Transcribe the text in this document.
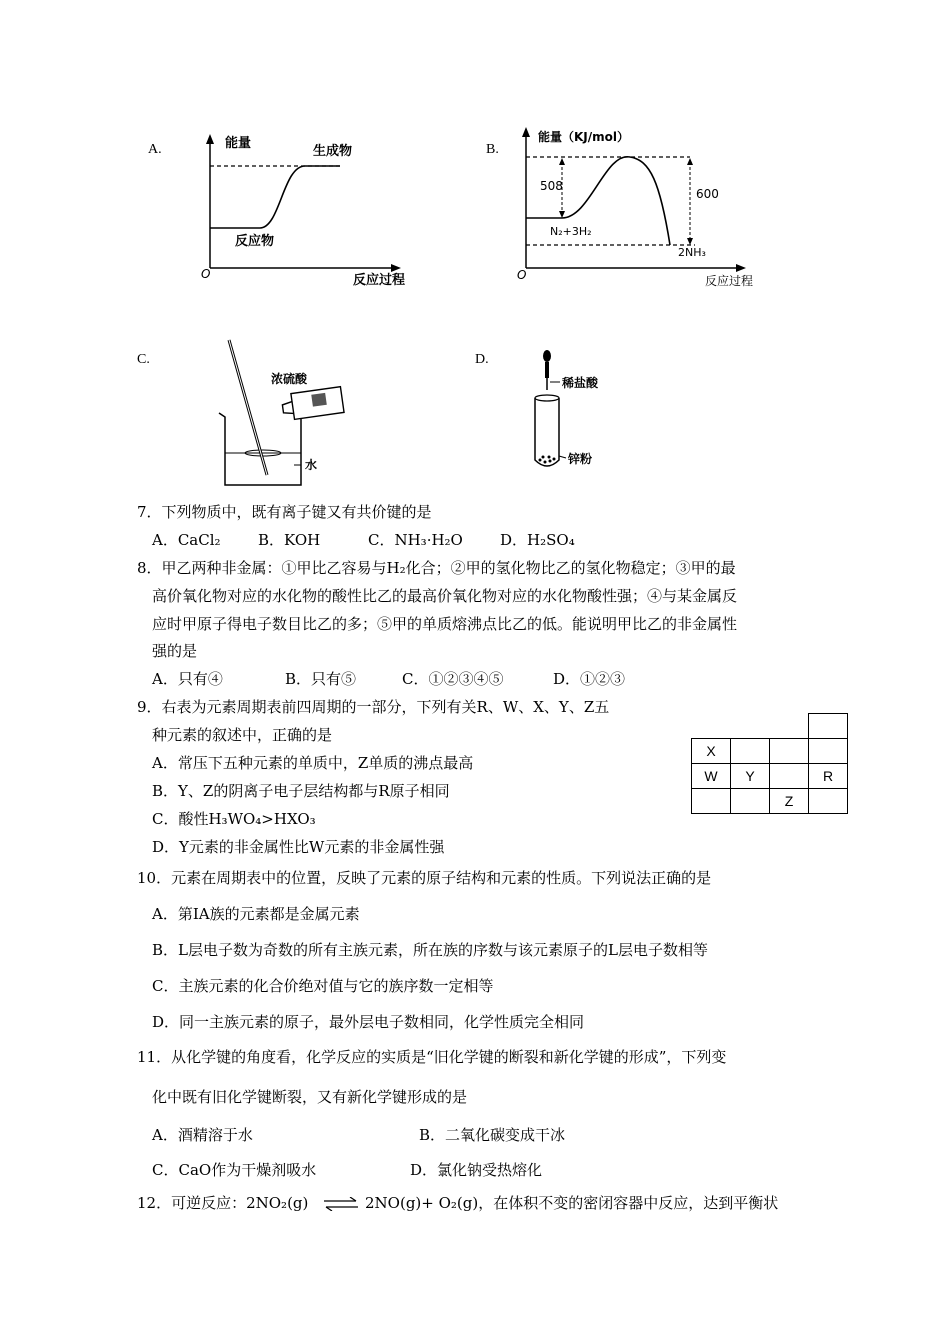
A.	能量
生成物
反应物
O	反应过程
B.
能量（KJ/mol）
508
600
N₂+3H₂
2NH₃
O	反应过程
C.
浓硫酸
水
D.
稀盐酸
锌粉
7．下列物质中，既有离子键又有共价键的是
A．CaCl₂ B．KOH	C．NH₃·H₂O D．H₂SO₄
8．甲乙两种非金属：①甲比乙容易与H₂化合；②甲的氢化物比乙的氢化物稳定；③甲的最
高价氧化物对应的水化物的酸性比乙的最高价氧化物对应的水化物酸性强；④与某金属反
应时甲原子得电子数目比乙的多；⑤甲的单质熔沸点比乙的低。能说明甲比乙的非金属性
强的是
A．只有④	B．只有⑤	C．①②③④⑤	D．①②③
9．右表为元素周期表前四周期的一部分，下列有关R、W、X、Y、Z五
种元素的叙述中，正确的是
A．常压下五种元素的单质中，Z单质的沸点最高
B．Y、Z的阴离子电子层结构都与R原子相同
C．酸性H₃WO₄>HXO₃
D．Y元素的非金属性比W元素的非金属性强

X			
W	Y		R
		Z	
10．元素在周期表中的位置，反映了元素的原子结构和元素的性质。下列说法正确的是
A．第ⅠA族的元素都是金属元素
B．L层电子数为奇数的所有主族元素，所在族的序数与该元素原子的L层电子数相等
C．主族元素的化合价绝对值与它的族序数一定相等
D．同一主族元素的原子，最外层电子数相同，化学性质完全相同
11．从化学键的角度看，化学反应的实质是“旧化学键的断裂和新化学键的形成”，下列变
化中既有旧化学键断裂，又有新化学键形成的是
A．酒精溶于水	B．二氧化碳变成干冰
C．CaO作为干燥剂吸水	D．氯化钠受热熔化
12．可逆反应：2NO₂(g) ⇌ 2NO(g)+ O₂(g)，在体积不变的密闭容器中反应，达到平衡状
